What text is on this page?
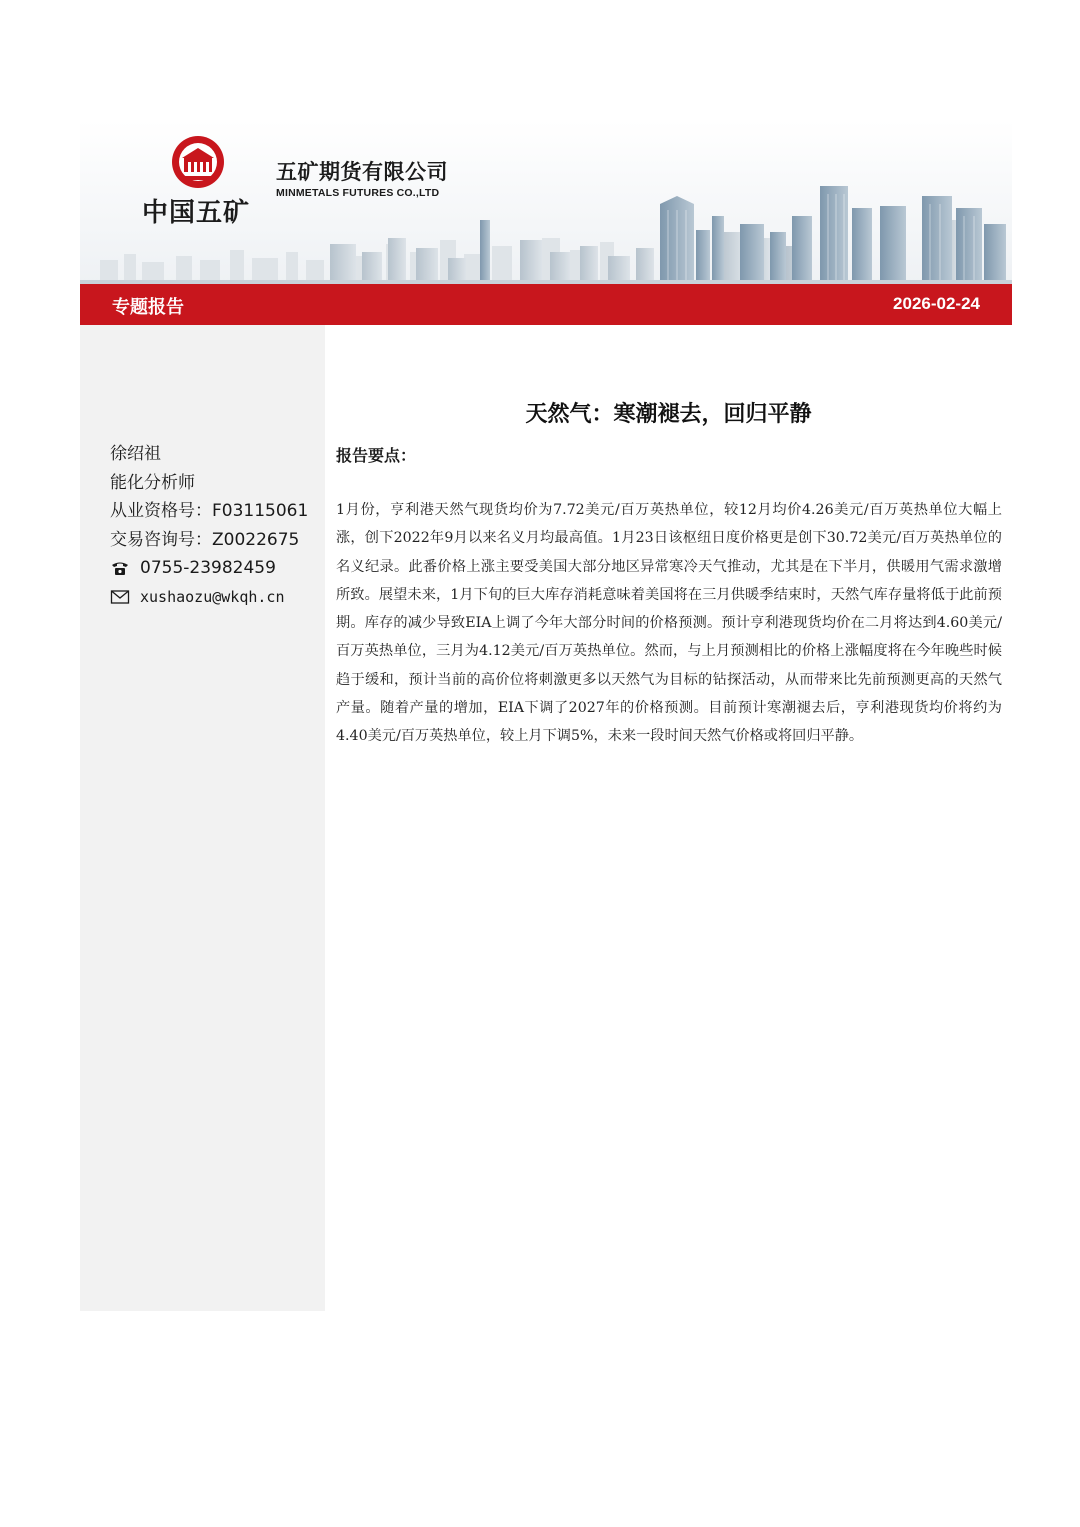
中国五矿
五矿期货有限公司
MINMETALS FUTURES CO.,LTD
专题报告	2026-02-24
徐绍祖
能化分析师
从业资格号：F03115061
交易咨询号：Z0022675
0755-23982459
xushaozu@wkqh.cn
天然气：寒潮褪去，回归平静
报告要点：
1月份，亨利港天然气现货均价为7.72美元/百万英热单位，较12月均价4.26美元/百万英热单位大幅上涨，创下2022年9月以来名义月均最高值。1月23日该枢纽日度价格更是创下30.72美元/百万英热单位的名义纪录。此番价格上涨主要受美国大部分地区异常寒冷天气推动，尤其是在下半月，供暖用气需求激增所致。展望未来，1月下旬的巨大库存消耗意味着美国将在三月供暖季结束时，天然气库存量将低于此前预期。库存的减少导致EIA上调了今年大部分时间的价格预测。预计亨利港现货均价在二月将达到4.60美元/百万英热单位，三月为4.12美元/百万英热单位。然而，与上月预测相比的价格上涨幅度将在今年晚些时候趋于缓和，预计当前的高价位将刺激更多以天然气为目标的钻探活动，从而带来比先前预测更高的天然气产量。随着产量的增加，EIA下调了2027年的价格预测。目前预计寒潮褪去后，亨利港现货均价将约为4.40美元/百万英热单位，较上月下调5%，未来一段时间天然气价格或将回归平静。
